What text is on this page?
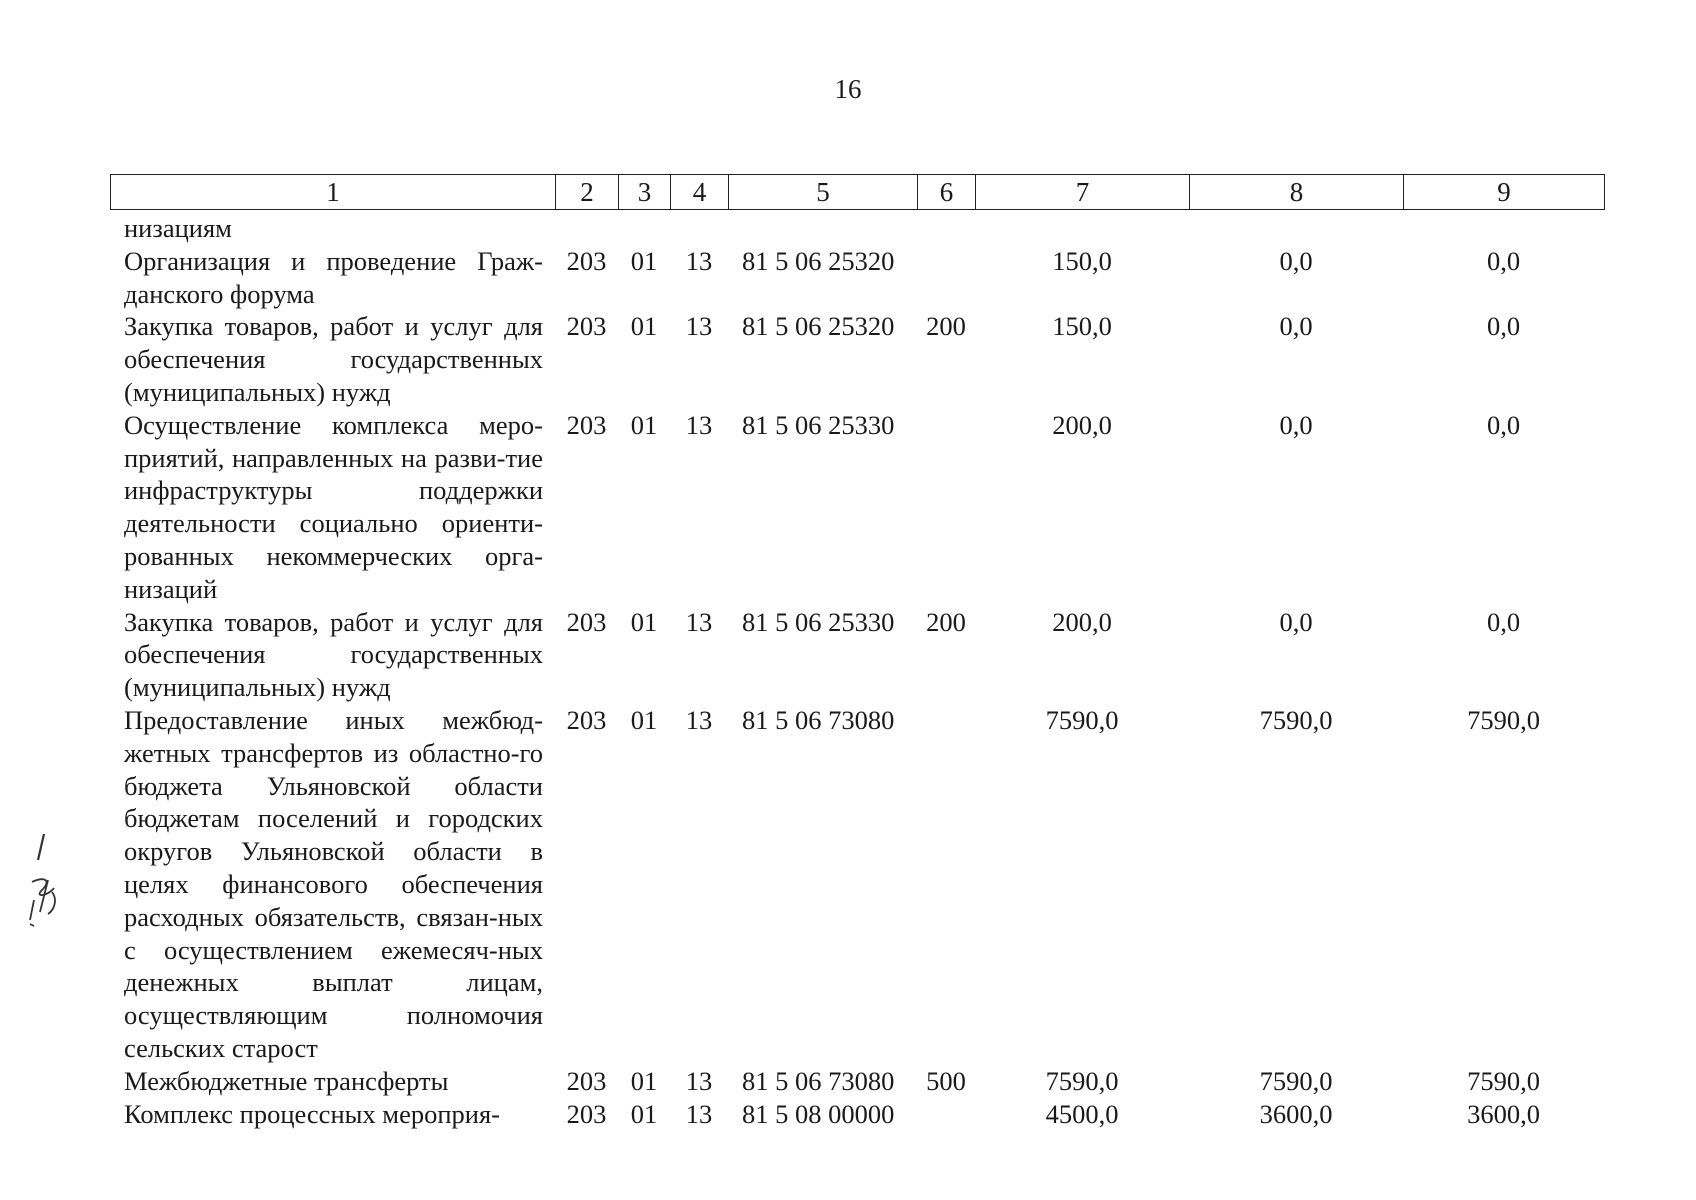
16
1	2	3	4	5	6	7	8	9
низациям								
Организация и проведение Граж-данского форума	203	01	13	81 5 06 25320		150,0	0,0	0,0
Закупка товаров, работ и услуг для обеспечения государственных (муниципальных) нужд	203	01	13	81 5 06 25320	200	150,0	0,0	0,0
Осуществление комплекса меро-приятий, направленных на разви-тие инфраструктуры поддержки деятельности социально ориенти-рованных некоммерческих орга-низаций	203	01	13	81 5 06 25330		200,0	0,0	0,0
Закупка товаров, работ и услуг для обеспечения государственных (муниципальных) нужд	203	01	13	81 5 06 25330	200	200,0	0,0	0,0
Предоставление иных межбюд-жетных трансфертов из областно-го бюджета Ульяновской области бюджетам поселений и городских округов Ульяновской области в целях финансового обеспечения расходных обязательств, связан-ных с осуществлением ежемесяч-ных денежных выплат лицам, осуществляющим полномочия сельских старост	203	01	13	81 5 06 73080		7590,0	7590,0	7590,0
Межбюджетные трансферты	203	01	13	81 5 06 73080	500	7590,0	7590,0	7590,0
Комплекс процессных мероприя-	203	01	13	81 5 08 00000		4500,0	3600,0	3600,0
